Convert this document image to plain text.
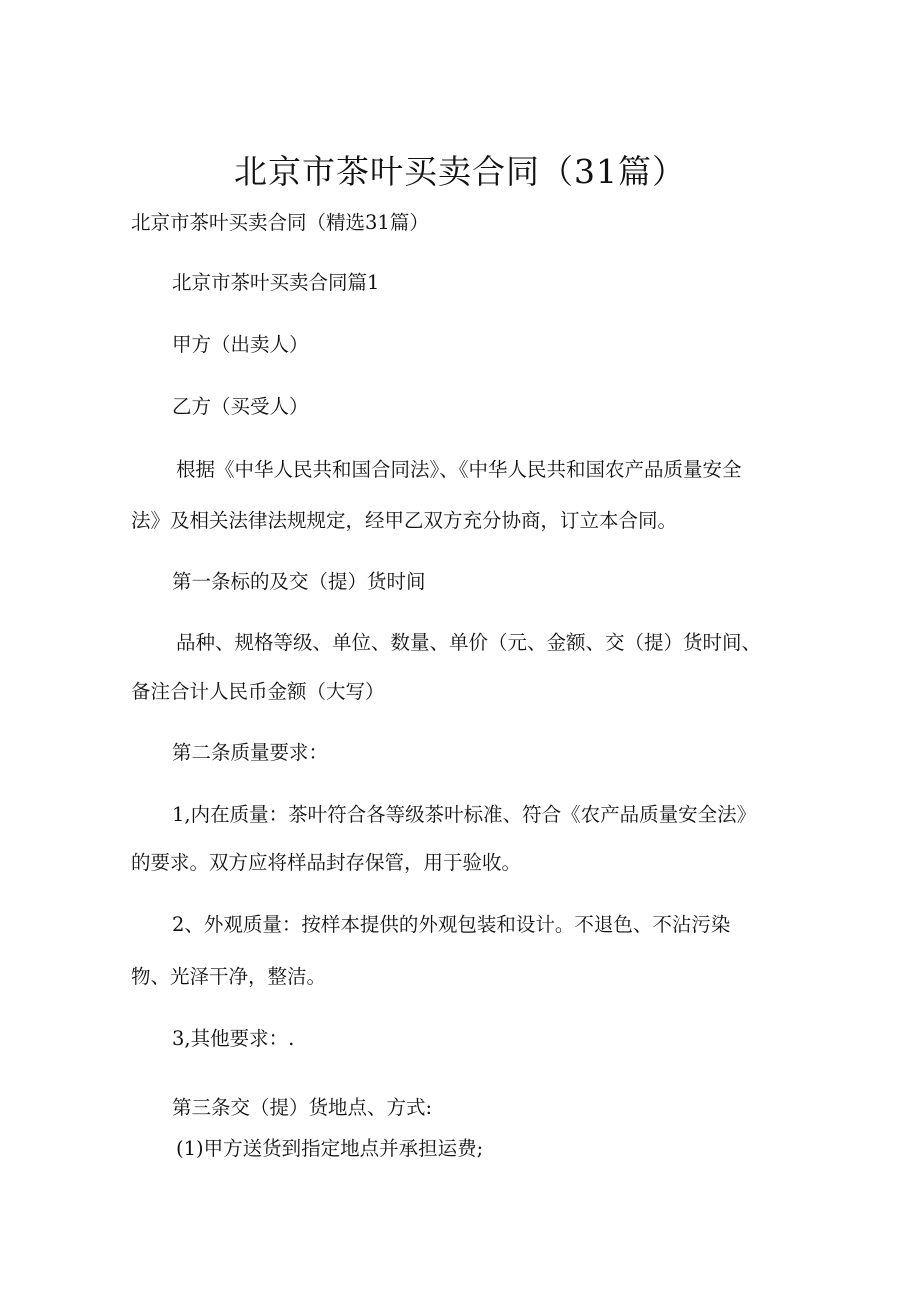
北京市茶叶买卖合同（31篇）
北京市茶叶买卖合同（精选31篇）
北京市茶叶买卖合同篇1
甲方（出卖人）
乙方（买受人）
根据《中华人民共和国合同法》、《中华人民共和国农产品质量安全
法》及相关法律法规规定，经甲乙双方充分协商，订立本合同。
第一条标的及交（提）货时间
品种、规格等级、单位、数量、单价（元、金额、交（提）货时间、
备注合计人民币金额（大写）
第二条质量要求：
1,内在质量：茶叶符合各等级茶叶标准、符合《农产品质量安全法》
的要求。双方应将样品封存保管，用于验收。
2、外观质量：按样本提供的外观包装和设计。不退色、不沾污染
物、光泽干净，整洁。
3,其他要求：.
第三条交（提）货地点、方式:
(1)甲方送货到指定地点并承担运费;
